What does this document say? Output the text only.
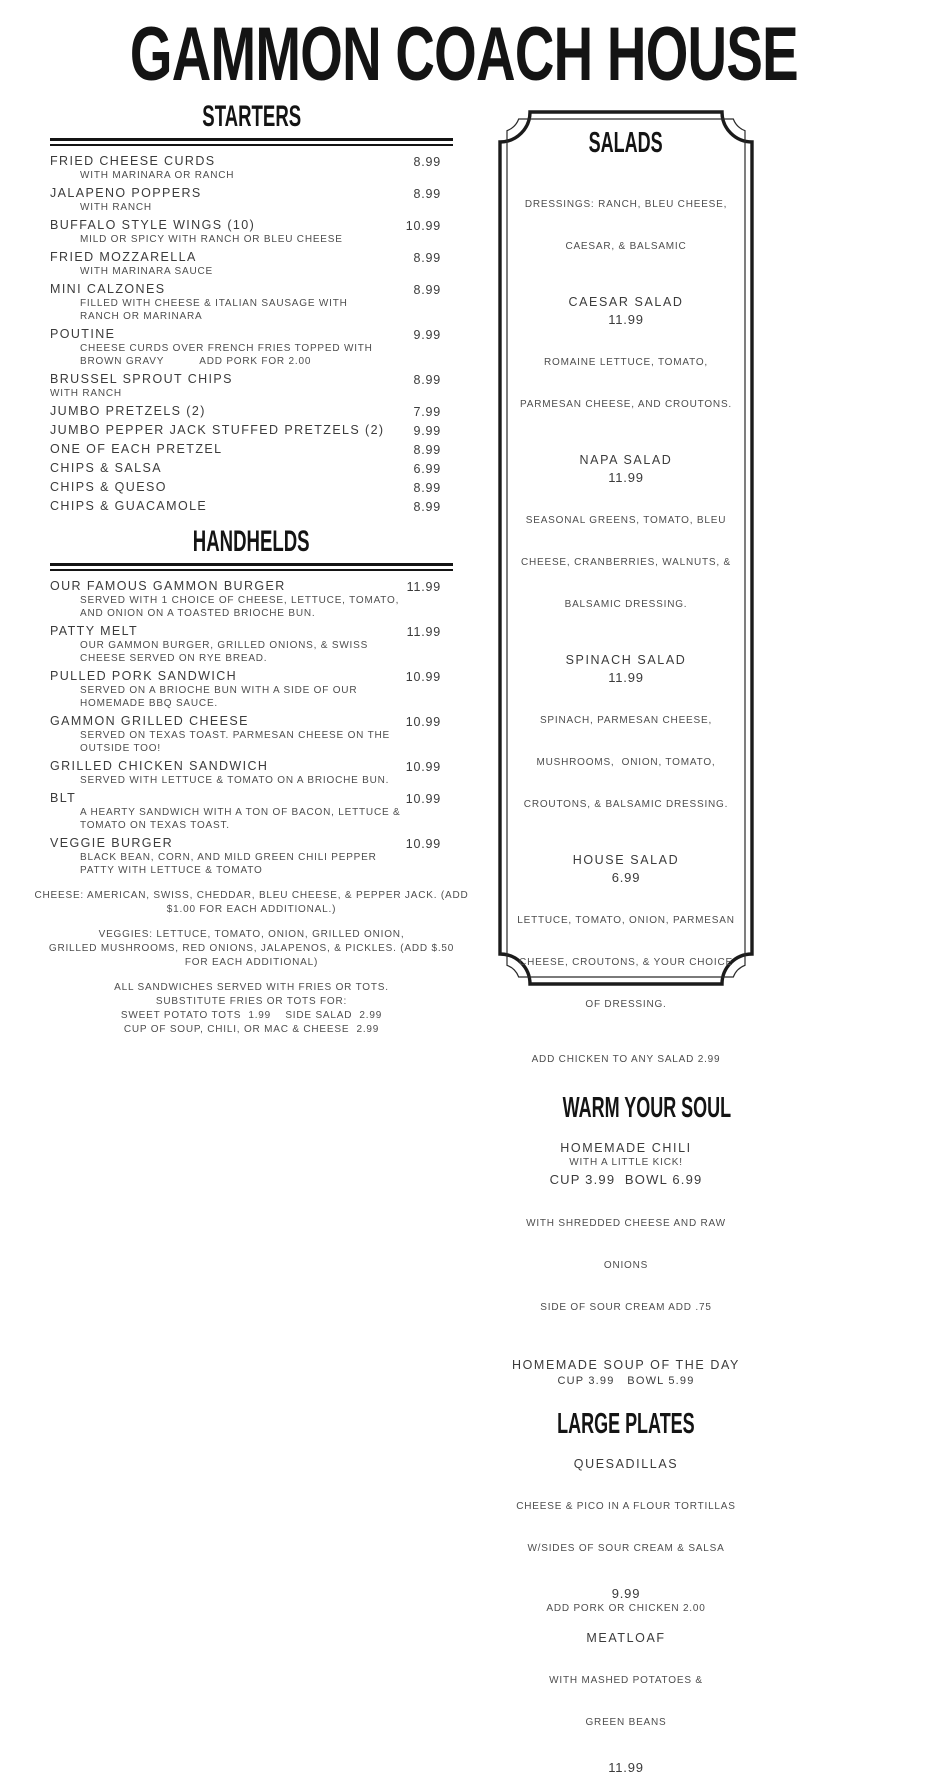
GAMMON COACH HOUSE
STARTERS
FRIED CHEESE CURDS	8.99
WITH MARINARA OR RANCH
JALAPENO POPPERS	8.99
WITH RANCH
BUFFALO STYLE WINGS (10)	10.99
MILD OR SPICY WITH RANCH OR BLEU CHEESE
FRIED MOZZARELLA	8.99
WITH MARINARA SAUCE
MINI CALZONES	8.99
FILLED WITH CHEESE & ITALIAN SAUSAGE WITH
RANCH OR MARINARA
POUTINE	9.99
CHEESE CURDS OVER FRENCH FRIES TOPPED WITH
BROWN GRAVY          ADD PORK FOR 2.00
BRUSSEL SPROUT CHIPS	8.99
WITH RANCH
JUMBO PRETZELS (2)	7.99
JUMBO PEPPER JACK STUFFED PRETZELS (2) 9.99
ONE OF EACH PRETZEL	8.99
CHIPS & SALSA	6.99
CHIPS & QUESO	8.99
CHIPS & GUACAMOLE	8.99
HANDHELDS
OUR FAMOUS GAMMON BURGER	11.99
SERVED WITH 1 CHOICE OF CHEESE, LETTUCE, TOMATO,
AND ONION ON A TOASTED BRIOCHE BUN.
PATTY MELT	11.99
OUR GAMMON BURGER, GRILLED ONIONS, & SWISS
CHEESE SERVED ON RYE BREAD.
PULLED PORK SANDWICH	10.99
SERVED ON A BRIOCHE BUN WITH A SIDE OF OUR
HOMEMADE BBQ SAUCE.
GAMMON GRILLED CHEESE	10.99
SERVED ON TEXAS TOAST. PARMESAN CHEESE ON THE
OUTSIDE TOO!
GRILLED CHICKEN SANDWICH	10.99
SERVED WITH LETTUCE & TOMATO ON A BRIOCHE BUN.
BLT	10.99
A HEARTY SANDWICH WITH A TON OF BACON, LETTUCE &
TOMATO ON TEXAS TOAST.
VEGGIE BURGER	10.99
BLACK BEAN, CORN, AND MILD GREEN CHILI PEPPER
PATTY WITH LETTUCE & TOMATO
CHEESE: AMERICAN, SWISS, CHEDDAR, BLEU CHEESE, & PEPPER JACK. (ADD
$1.00 FOR EACH ADDITIONAL.)
VEGGIES: LETTUCE, TOMATO, ONION, GRILLED ONION,
GRILLED MUSHROOMS, RED ONIONS, JALAPENOS, & PICKLES. (ADD $.50
FOR EACH ADDITIONAL)
ALL SANDWICHES SERVED WITH FRIES OR TOTS.
SUBSTITUTE FRIES OR TOTS FOR:
SWEET POTATO TOTS  1.99    SIDE SALAD  2.99
CUP OF SOUP, CHILI, OR MAC & CHEESE  2.99
SALADS

DRESSINGS: RANCH, BLEU CHEESE,

CAESAR, & BALSAMIC

CAESAR SALAD
11.99

ROMAINE LETTUCE, TOMATO,

PARMESAN CHEESE, AND CROUTONS.

NAPA SALAD
11.99

SEASONAL GREENS, TOMATO, BLEU

CHEESE, CRANBERRIES, WALNUTS, &

BALSAMIC DRESSING.

SPINACH SALAD
11.99

SPINACH, PARMESAN CHEESE,

MUSHROOMS,  ONION, TOMATO,

CROUTONS, & BALSAMIC DRESSING.

HOUSE SALAD
6.99

LETTUCE, TOMATO, ONION, PARMESAN

CHEESE, CROUTONS, & YOUR CHOICE

OF DRESSING.

ADD CHICKEN TO ANY SALAD 2.99
WARM YOUR SOUL
HOMEMADE CHILI
WITH A LITTLE KICK!
CUP 3.99  BOWL 6.99

WITH SHREDDED CHEESE AND RAW

ONIONS

SIDE OF SOUR CREAM ADD .75

HOMEMADE SOUP OF THE DAY
CUP 3.99   BOWL 5.99
LARGE PLATES
QUESADILLAS

CHEESE & PICO IN A FLOUR TORTILLAS

W/SIDES OF SOUR CREAM & SALSA

9.99
ADD PORK OR CHICKEN 2.00
MEATLOAF

WITH MASHED POTATOES &

GREEN BEANS

11.99
